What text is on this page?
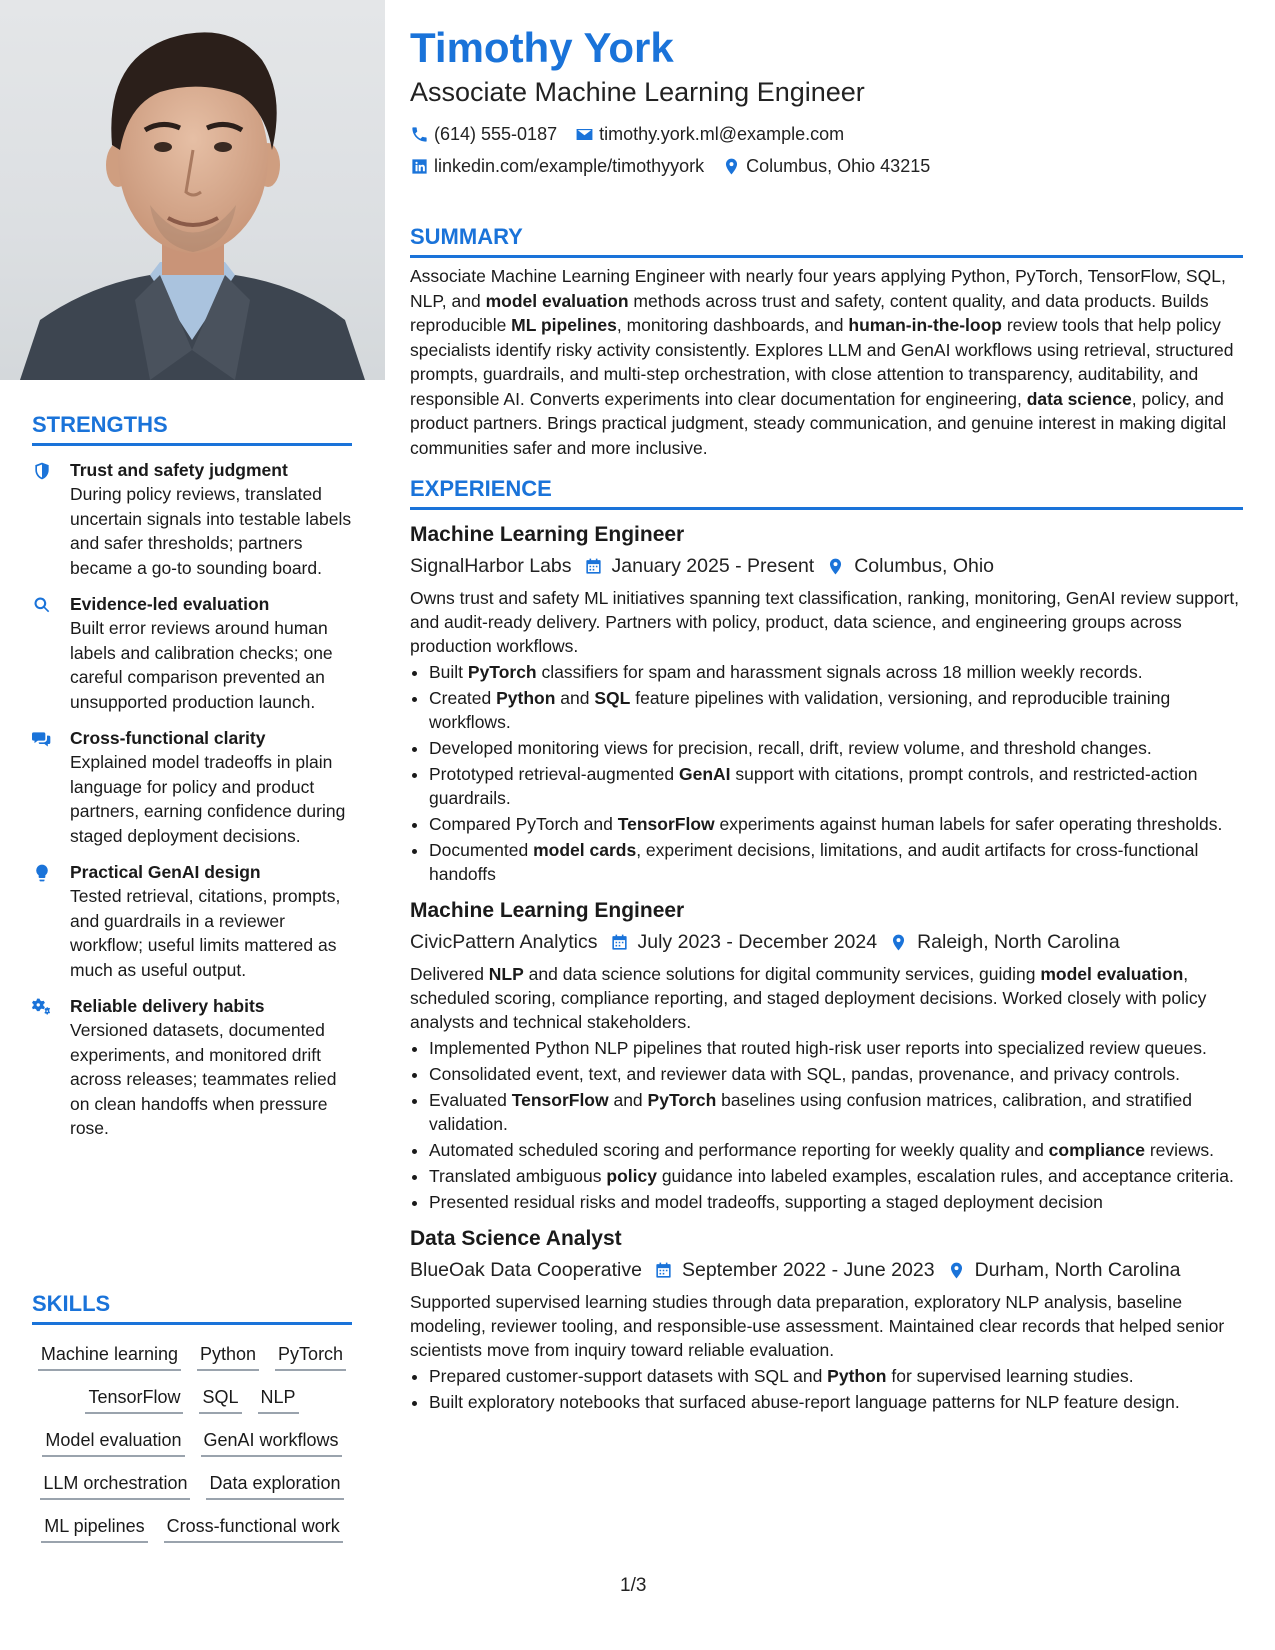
STRENGTHS
Trust and safety judgment
During policy reviews, translated uncertain signals into testable labels and safer thresholds; partners became a go-to sounding board.
Evidence-led evaluation
Built error reviews around human labels and calibration checks; one careful comparison prevented an unsupported production launch.
Cross-functional clarity
Explained model tradeoffs in plain language for policy and product partners, earning confidence during staged deployment decisions.
Practical GenAI design
Tested retrieval, citations, prompts, and guardrails in a reviewer workflow; useful limits mattered as much as useful output.
Reliable delivery habits
Versioned datasets, documented experiments, and monitored drift across releases; teammates relied on clean handoffs when pressure rose.
SKILLS
Machine learning Python PyTorch
TensorFlow SQL NLP
Model evaluation GenAI workflows
LLM orchestration Data exploration
ML pipelines Cross-functional work
Timothy York
Associate Machine Learning Engineer
(614) 555-0187 timothy.york.ml@example.com
linkedin.com/example/timothyyork Columbus, Ohio 43215
SUMMARY

Associate Machine Learning Engineer with nearly four years applying Python, PyTorch, TensorFlow, SQL, NLP, and model evaluation methods across trust and safety, content quality, and data products. Builds reproducible ML pipelines, monitoring dashboards, and human-in-the-loop review tools that help policy specialists identify risky activity consistently. Explores LLM and GenAI workflows using retrieval, structured prompts, guardrails, and multi-step orchestration, with close attention to transparency, auditability, and responsible AI. Converts experiments into clear documentation for engineering, data science, policy, and product partners. Brings practical judgment, steady communication, and genuine interest in making digital communities safer and more inclusive.

EXPERIENCE
Machine Learning Engineer
SignalHarbor Labs January 2025 - Present Columbus, Ohio

Owns trust and safety ML initiatives spanning text classification, ranking, monitoring, GenAI review support, and audit-ready delivery. Partners with policy, product, data science, and engineering groups across production workflows.

• Built PyTorch classifiers for spam and harassment signals across 18 million weekly records.
• Created Python and SQL feature pipelines with validation, versioning, and reproducible training workflows.
• Developed monitoring views for precision, recall, drift, review volume, and threshold changes.
• Prototyped retrieval-augmented GenAI support with citations, prompt controls, and restricted-action guardrails.
• Compared PyTorch and TensorFlow experiments against human labels for safer operating thresholds.
• Documented model cards, experiment decisions, limitations, and audit artifacts for cross-functional handoffs
Machine Learning Engineer
CivicPattern Analytics July 2023 - December 2024 Raleigh, North Carolina

Delivered NLP and data science solutions for digital community services, guiding model evaluation, scheduled scoring, compliance reporting, and staged deployment decisions. Worked closely with policy analysts and technical stakeholders.

• Implemented Python NLP pipelines that routed high-risk user reports into specialized review queues.
• Consolidated event, text, and reviewer data with SQL, pandas, provenance, and privacy controls.
• Evaluated TensorFlow and PyTorch baselines using confusion matrices, calibration, and stratified validation.
• Automated scheduled scoring and performance reporting for weekly quality and compliance reviews.
• Translated ambiguous policy guidance into labeled examples, escalation rules, and acceptance criteria.
• Presented residual risks and model tradeoffs, supporting a staged deployment decision
Data Science Analyst
BlueOak Data Cooperative September 2022 - June 2023 Durham, North Carolina

Supported supervised learning studies through data preparation, exploratory NLP analysis, baseline modeling, reviewer tooling, and responsible-use assessment. Maintained clear records that helped senior scientists move from inquiry toward reliable evaluation.

• Prepared customer-support datasets with SQL and Python for supervised learning studies.
• Built exploratory notebooks that surfaced abuse-report language patterns for NLP feature design.
1/3
